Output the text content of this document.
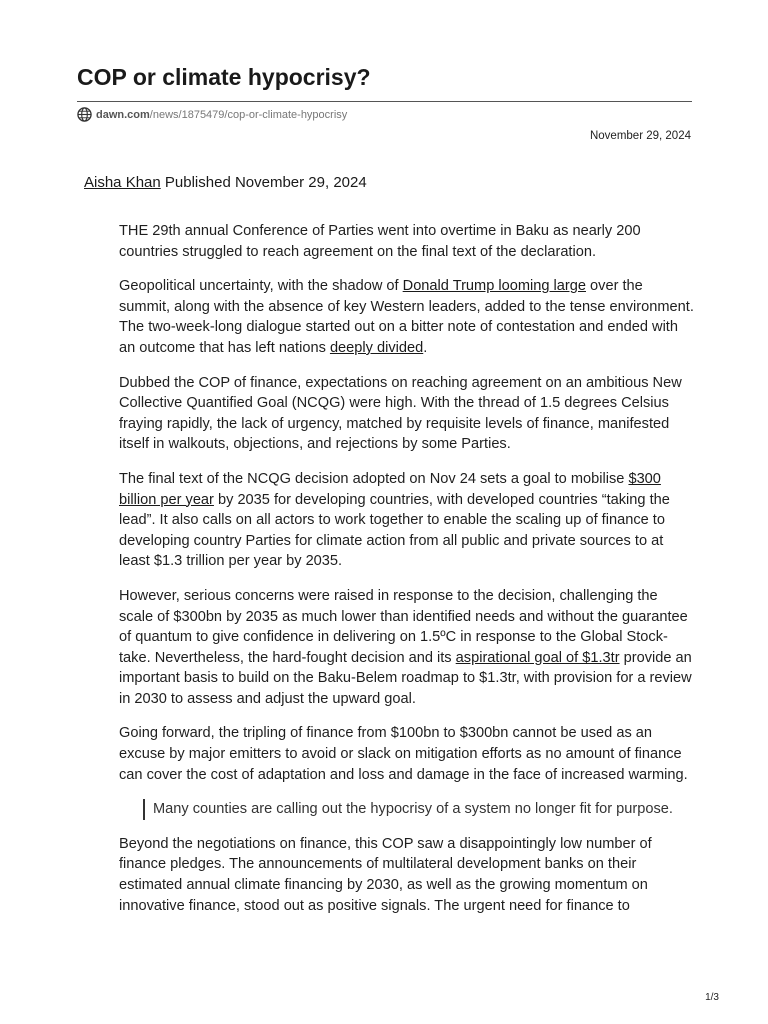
COP or climate hypocrisy?
dawn.com /news/1875479/cop-or-climate-hypocrisy
November 29, 2024
Aisha Khan Published November 29, 2024

THE 29th annual Conference of Parties went into overtime in Baku as nearly 200 countries struggled to reach agreement on the final text of the declaration.

Geopolitical uncertainty, with the shadow of Donald Trump looming large over the summit, along with the absence of key Western leaders, added to the tense environment. The two-week-long dialogue started out on a bitter note of contestation and ended with an outcome that has left nations deeply divided.

Dubbed the COP of finance, expectations on reaching agreement on an ambitious New Collective Quantified Goal (NCQG) were high. With the thread of 1.5 degrees Celsius fraying rapidly, the lack of urgency, matched by requisite levels of finance, manifested itself in walkouts, objections, and rejections by some Parties.

The final text of the NCQG decision adopted on Nov 24 sets a goal to mobilise $300 billion per year by 2035 for developing countries, with developed countries “taking the lead”. It also calls on all actors to work together to enable the scaling up of finance to developing country Parties for climate action from all public and private sources to at least $1.3 trillion per year by 2035.

However, serious concerns were raised in response to the decision, challenging the scale of $300bn by 2035 as much lower than identified needs and without the guarantee of quantum to give confidence in delivering on 1.5ºC in response to the Global Stock-take. Nevertheless, the hard-fought decision and its aspirational goal of $1.3tr provide an important basis to build on the Baku-Belem roadmap to $1.3tr, with provision for a review in 2030 to assess and adjust the upward goal.

Going forward, the tripling of finance from $100bn to $300bn cannot be used as an excuse by major emitters to avoid or slack on mitigation efforts as no amount of finance can cover the cost of adaptation and loss and damage in the face of increased warming.

Many counties are calling out the hypocrisy of a system no longer fit for purpose.

Beyond the negotiations on finance, this COP saw a disappointingly low number of finance pledges. The announcements of multilateral development banks on their estimated annual climate financing by 2030, as well as the growing momentum on innovative finance, stood out as positive signals. The urgent need for finance to

1/3
